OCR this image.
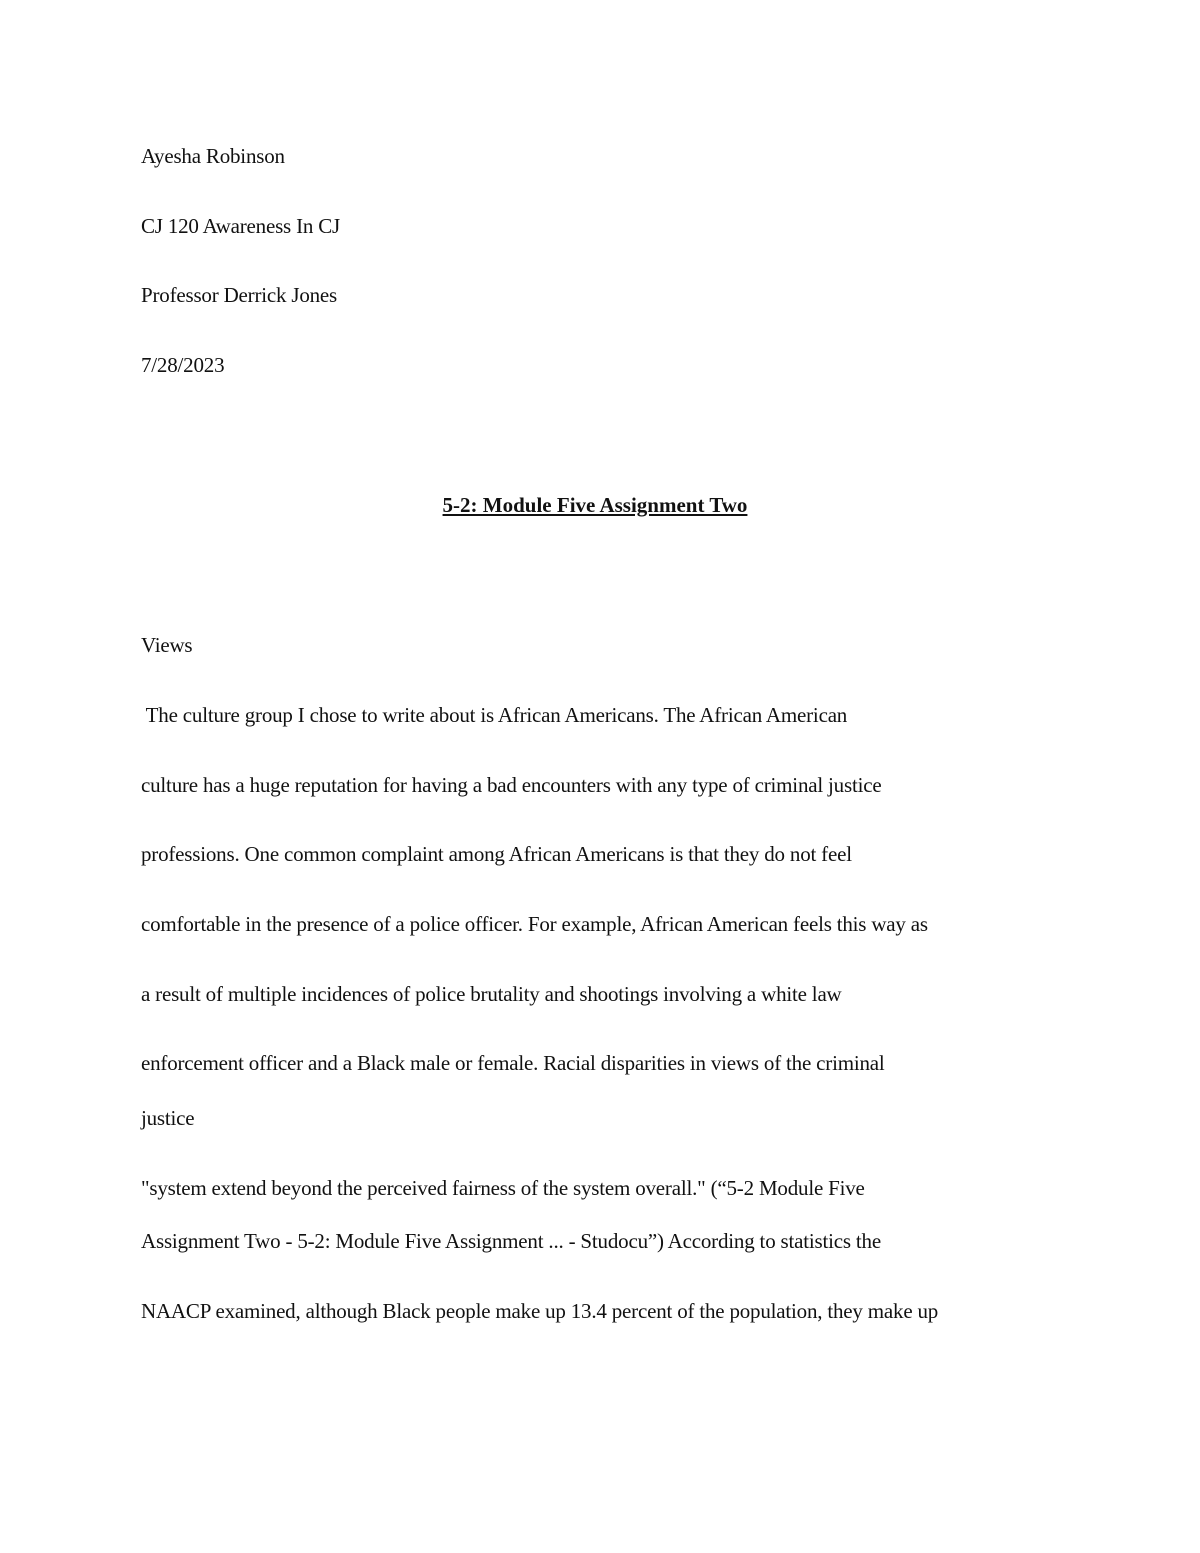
Ayesha Robinson
CJ 120 Awareness In CJ
Professor Derrick Jones
7/28/2023
5-2: Module Five Assignment Two
Views
The culture group I chose to write about is African Americans. The African American
culture has a huge reputation for having a bad encounters with any type of criminal justice
professions. One common complaint among African Americans is that they do not feel
comfortable in the presence of a police officer. For example, African American feels this way as
a result of multiple incidences of police brutality and shootings involving a white law
enforcement officer and a Black male or female. Racial disparities in views of the criminal
justice
"system extend beyond the perceived fairness of the system overall." (“5-2 Module Five
Assignment Two - 5-2: Module Five Assignment ... - Studocu”) According to statistics the
NAACP examined, although Black people make up 13.4 percent of the population, they make up
